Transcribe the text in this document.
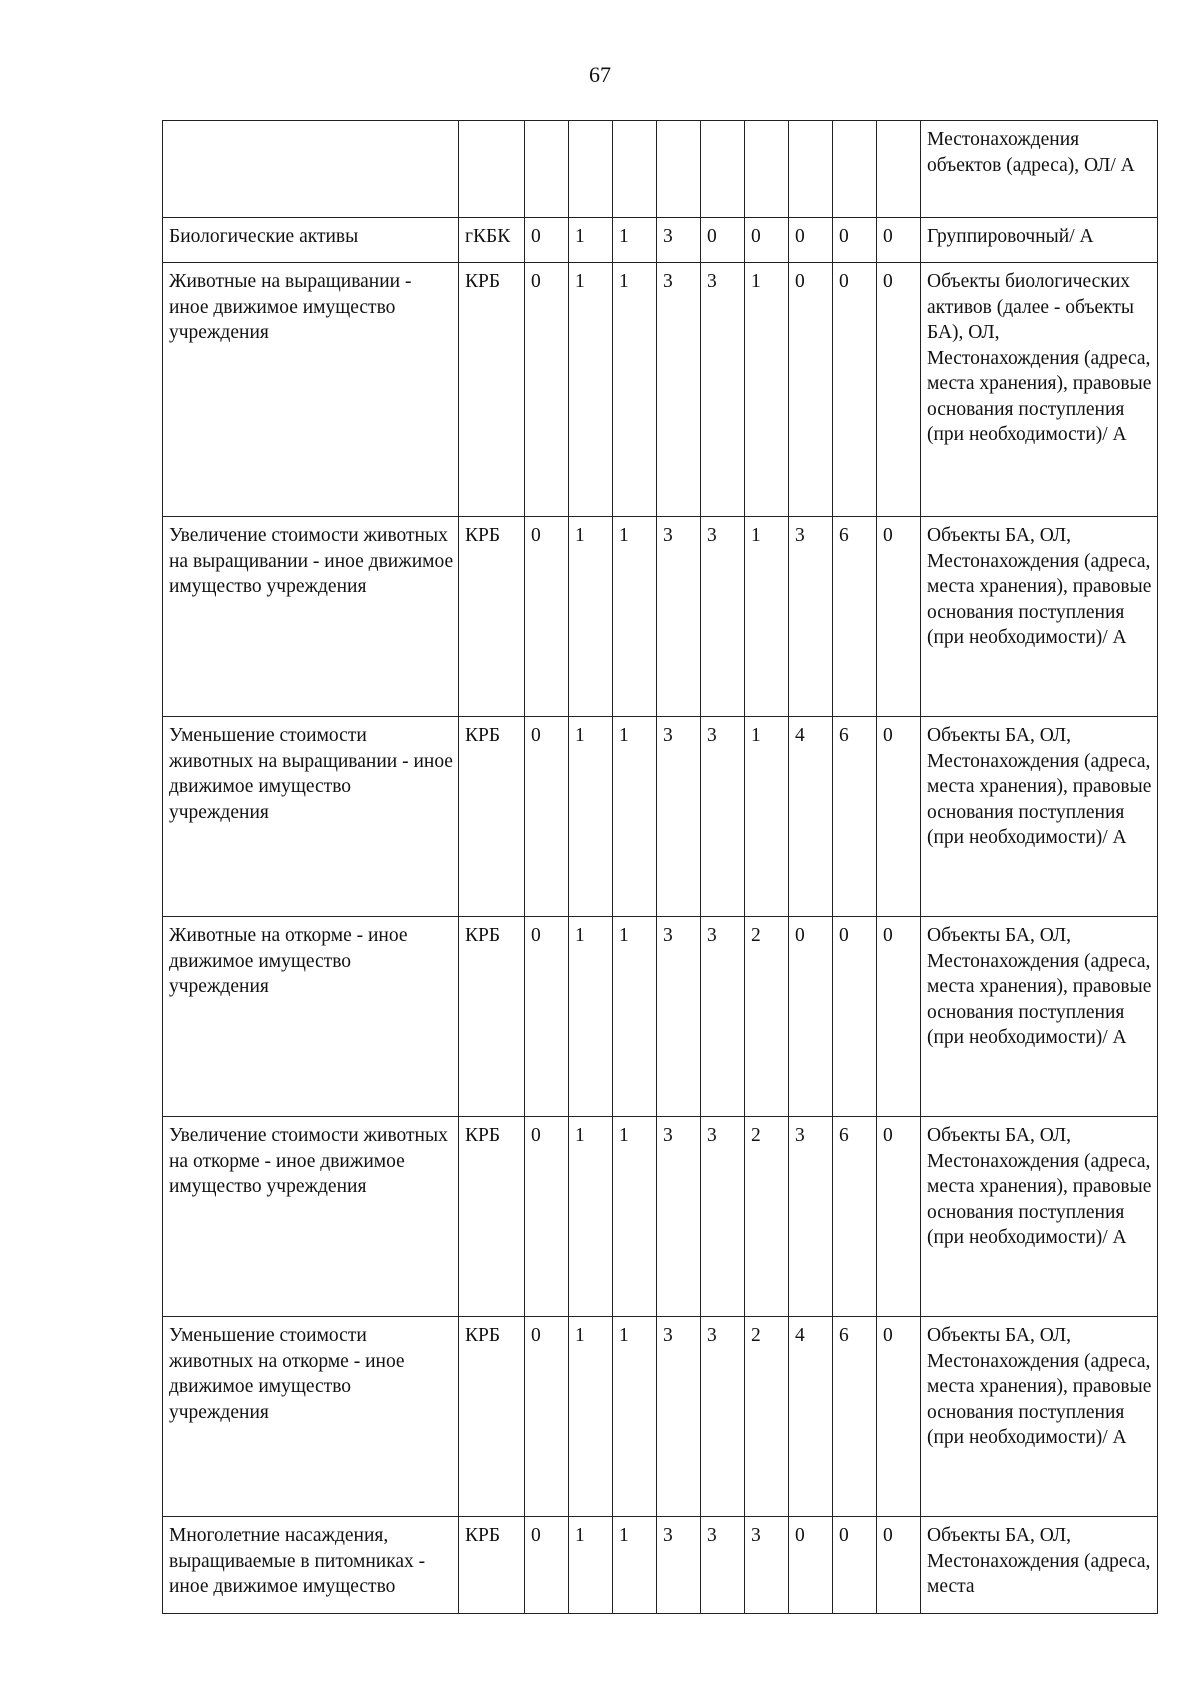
67
											Местонахождения объектов (адреса), ОЛ/ А
Биологические активы	гКБК	0	1	1	3	0	0	0	0	0	Группировочный/ А
Животные на выращивании - иное движимое имущество учреждения	КРБ	0	1	1	3	3	1	0	0	0	Объекты биологических активов (далее - объекты БА), ОЛ, Местонахождения (адреса, места хранения), правовые основания поступления (при необходимости)/ А
Увеличение стоимости животных на выращивании - иное движимое имущество учреждения	КРБ	0	1	1	3	3	1	3	6	0	Объекты БА, ОЛ, Местонахождения (адреса, места хранения), правовые основания поступления (при необходимости)/ А
Уменьшение стоимости животных на выращивании - иное движимое имущество учреждения	КРБ	0	1	1	3	3	1	4	6	0	Объекты БА, ОЛ, Местонахождения (адреса, места хранения), правовые основания поступления (при необходимости)/ А
Животные на откорме - иное движимое имущество учреждения	КРБ	0	1	1	3	3	2	0	0	0	Объекты БА, ОЛ, Местонахождения (адреса, места хранения), правовые основания поступления (при необходимости)/ А
Увеличение стоимости животных на откорме - иное движимое имущество учреждения	КРБ	0	1	1	3	3	2	3	6	0	Объекты БА, ОЛ, Местонахождения (адреса, места хранения), правовые основания поступления (при необходимости)/ А
Уменьшение стоимости животных на откорме - иное движимое имущество учреждения	КРБ	0	1	1	3	3	2	4	6	0	Объекты БА, ОЛ, Местонахождения (адреса, места хранения), правовые основания поступления (при необходимости)/ А
Многолетние насаждения, выращиваемые в питомниках - иное движимое имущество	КРБ	0	1	1	3	3	3	0	0	0	Объекты БА, ОЛ, Местонахождения (адреса, места
